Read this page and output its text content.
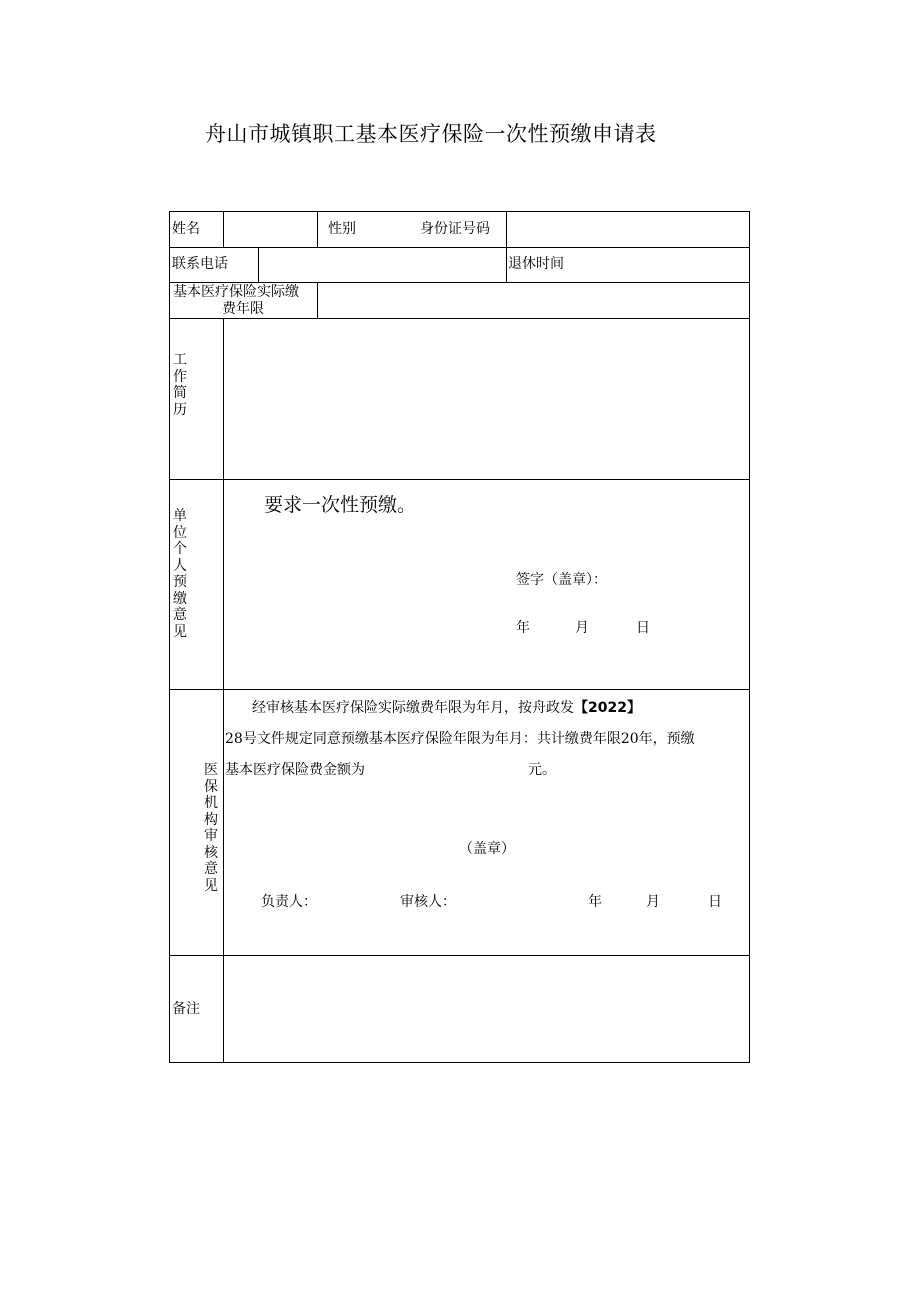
舟山市城镇职工基本医疗保险一次性预缴申请表
姓名	性别	身份证号码
联系电话	退休时间
基本医疗保险实际缴
费年限
工作简历
单位个人预缴意见
要求一次性预缴。
签字（盖章）：
年	月	日
医保机构审核意见
经审核基本医疗保险实际缴费年限为年月，按舟政发【2022】
28号文件规定同意预缴基本医疗保险年限为年月：共计缴费年限20年，预缴
基本医疗保险费金额为	元。
（盖章）
负责人：	审核人：	年	月	日
备注
